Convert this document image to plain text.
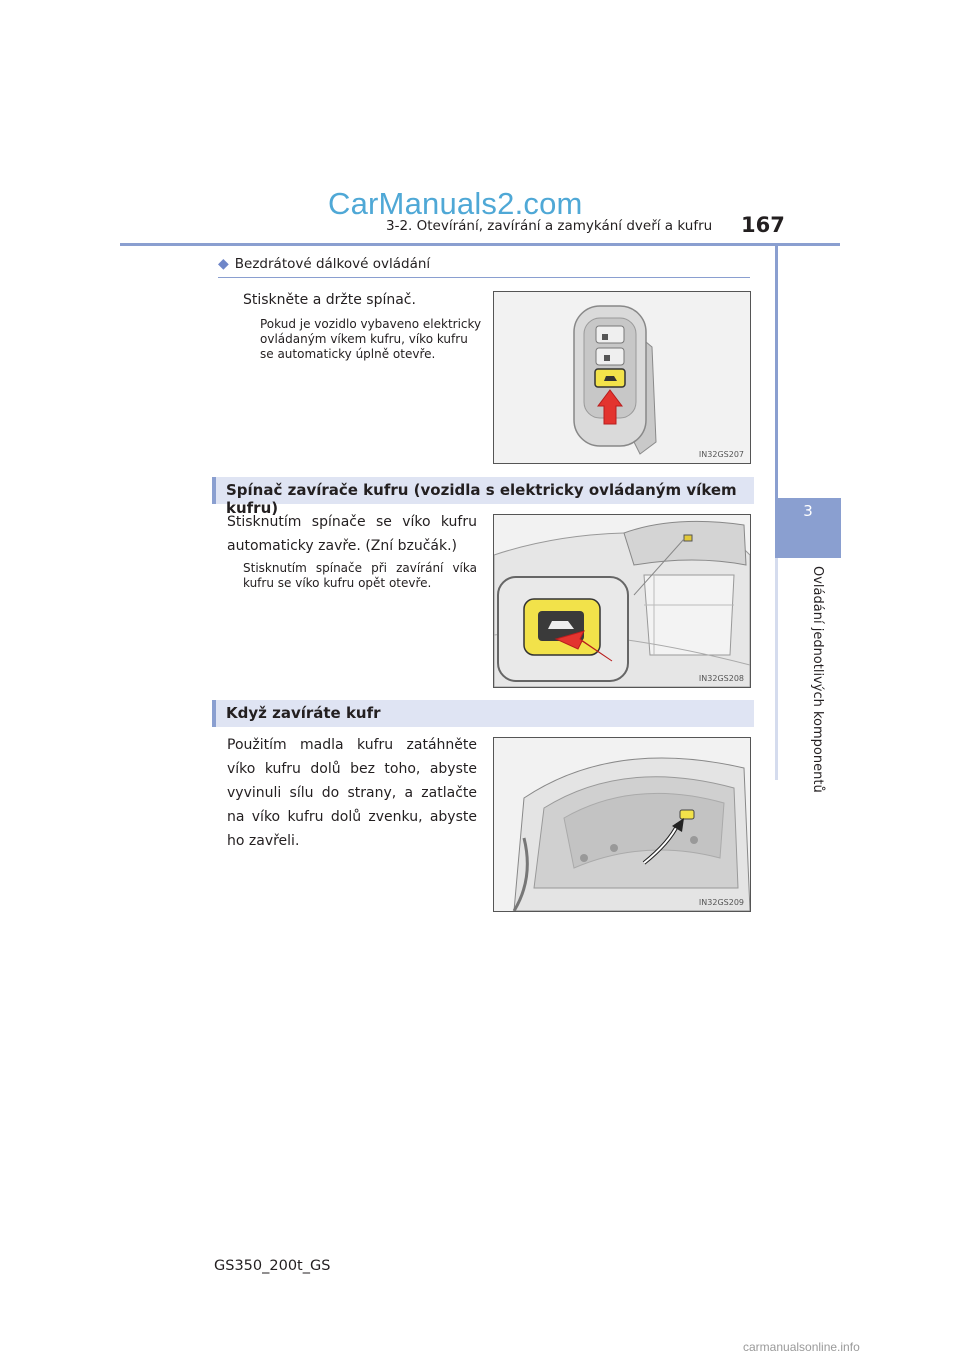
CarManuals2.com
3-2. Otevírání, zavírání a zamykání dveří a kufru 167
3
Ovládání jednotlivých komponentů
◆ Bezdrátové dálkové ovládání
Stiskněte a držte spínač.
Pokud je vozidlo vybaveno elektricky ovládaným víkem kufru, víko kufru se automaticky úplně otevře.
IN32GS207
Spínač zavírače kufru (vozidla s elektricky ovládaným víkem kufru)
Stisknutím spínače se víko kufru automaticky zavře. (Zní bzučák.)
Stisknutím spínače při zavírání víka kufru se víko kufru opět otevře.
IN32GS208
Když zavíráte kufr
Použitím madla kufru zatáhněte víko kufru dolů bez toho, abyste vyvinuli sílu do strany, a zatlačte na víko kufru dolů zvenku, abyste ho zavřeli.
IN32GS209
GS350_200t_GS
carmanualsonline.info
